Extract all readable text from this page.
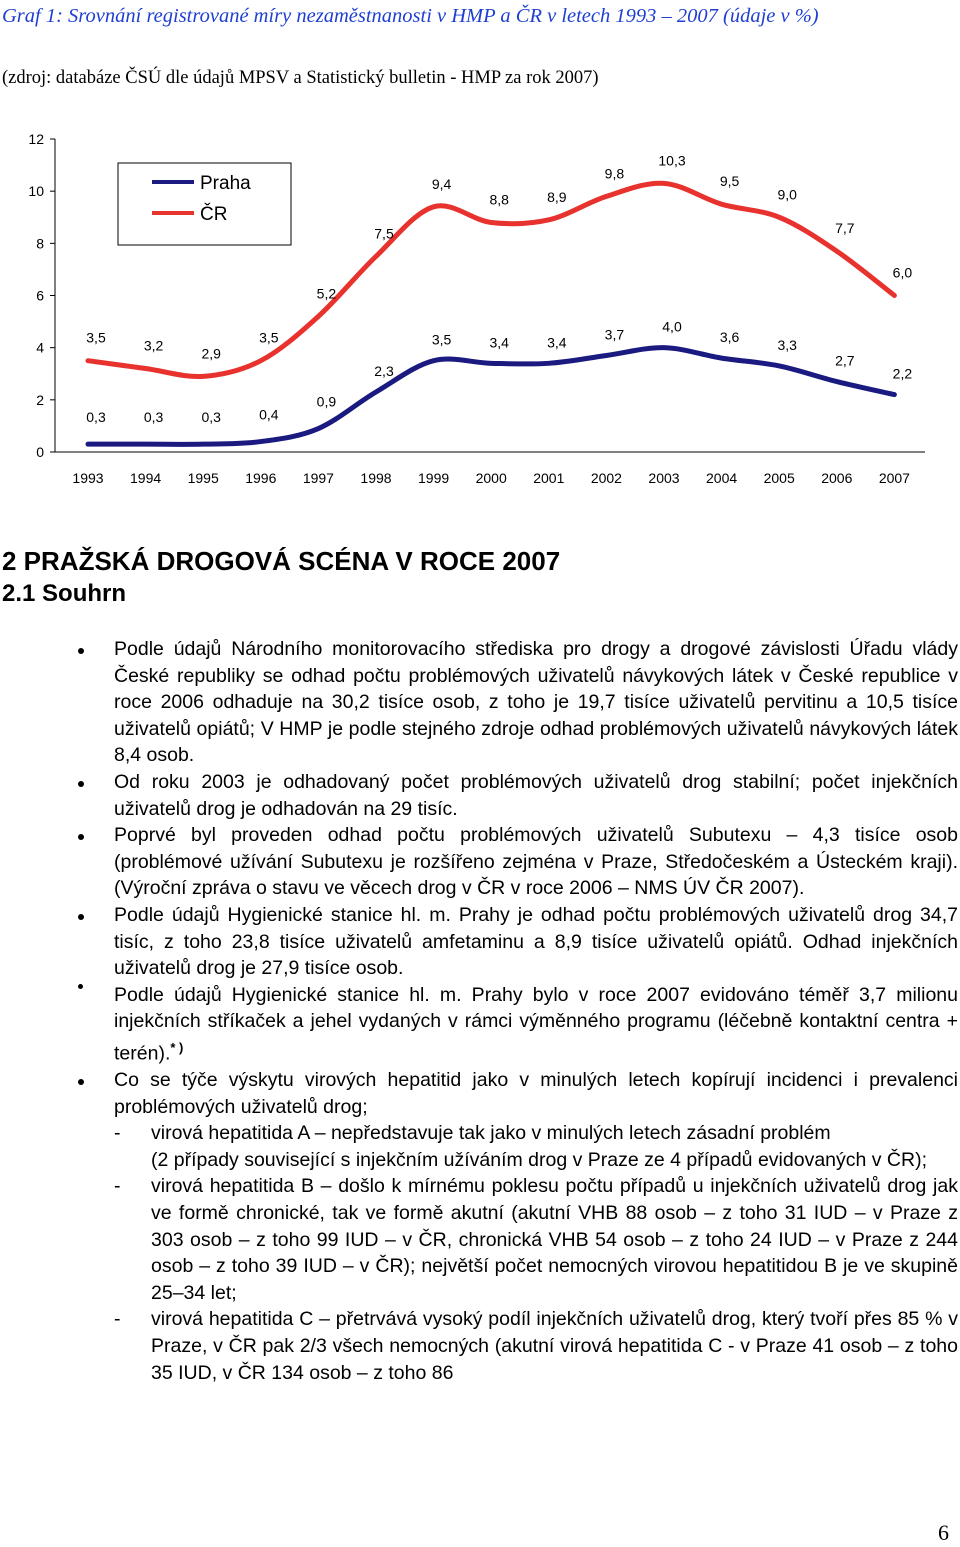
Graf 1: Srovnání registrované míry nezaměstnanosti v HMP a ČR v letech 1993 – 2007 (údaje v %)
(zdroj: databáze ČSÚ dle údajů MPSV a Statistický bulletin - HMP za rok 2007)
0
2
4
6
8
10
12
1993 1994 1995 1996 1997 1998 1999 2000 2001 2002 2003 2004 2005 2006 2007
0,3	0,3	0,3	0,4
0,9
2,3
3,5	3,4	3,4	3,7	4,0
3,6	3,3
2,7
2,2
3,5	3,2	2,9
3,5
5,2
7,5
9,4
8,8	8,9
9,8
10,3
9,5
9,0
7,7
6,0
Praha
ČR
2 PRAŽSKÁ DROGOVÁ SCÉNA V ROCE 2007
2.1 Souhrn
Podle údajů Národního monitorovacího střediska pro drogy a drogové závislosti Úřadu vlády České republiky se odhad počtu problémových uživatelů návykových látek v České republice v roce 2006 odhaduje na 30,2 tisíce osob, z toho je 19,7 tisíce uživatelů pervitinu a 10,5 tisíce uživatelů opiátů; V HMP je podle stejného zdroje odhad problémových uživatelů návykových látek 8,4 osob.
Od roku 2003 je odhadovaný počet problémových uživatelů drog stabilní; počet injekčních uživatelů drog je odhadován na 29 tisíc.
Poprvé byl proveden odhad počtu problémových uživatelů Subutexu – 4,3 tisíce osob (problémové užívání Subutexu je rozšířeno zejména v Praze, Středočeském a Ústeckém kraji). (Výroční zpráva o stavu ve věcech drog v ČR v roce 2006 – NMS ÚV ČR 2007).
Podle údajů Hygienické stanice hl. m. Prahy je odhad počtu problémových uživatelů drog 34,7 tisíc, z toho 23,8 tisíce uživatelů amfetaminu a 8,9 tisíce uživatelů opiátů. Odhad injekčních uživatelů drog je 27,9 tisíce osob.
Podle údajů Hygienické stanice hl. m. Prahy bylo v roce 2007 evidováno téměř 3,7 milionu injekčních stříkaček a jehel vydaných v rámci výměnného programu (léčebně kontaktní centra + terén).* )
Co se týče výskytu virových hepatitid jako v minulých letech kopírují incidenci i prevalenci problémových uživatelů drog;
- virová hepatitida A – nepředstavuje tak jako v minulých letech zásadní problém
(2 případy související s injekčním užíváním drog v Praze ze 4 případů evidovaných v ČR);
- virová hepatitida B – došlo k mírnému poklesu počtu případů u injekčních uživatelů drog jak ve formě chronické, tak ve formě akutní (akutní VHB 88 osob – z toho 31 IUD – v Praze z 303 osob – z toho 99 IUD – v ČR, chronická VHB 54 osob – z toho 24 IUD – v Praze z 244 osob – z toho 39 IUD – v ČR); největší počet nemocných virovou hepatitidou B je ve skupině 25–34 let;
- virová hepatitida C – přetrvává vysoký podíl injekčních uživatelů drog, který tvoří přes 85 % v Praze, v ČR pak 2/3 všech nemocných (akutní virová hepatitida C - v Praze 41 osob – z toho 35 IUD, v ČR 134 osob – z toho 86
6
